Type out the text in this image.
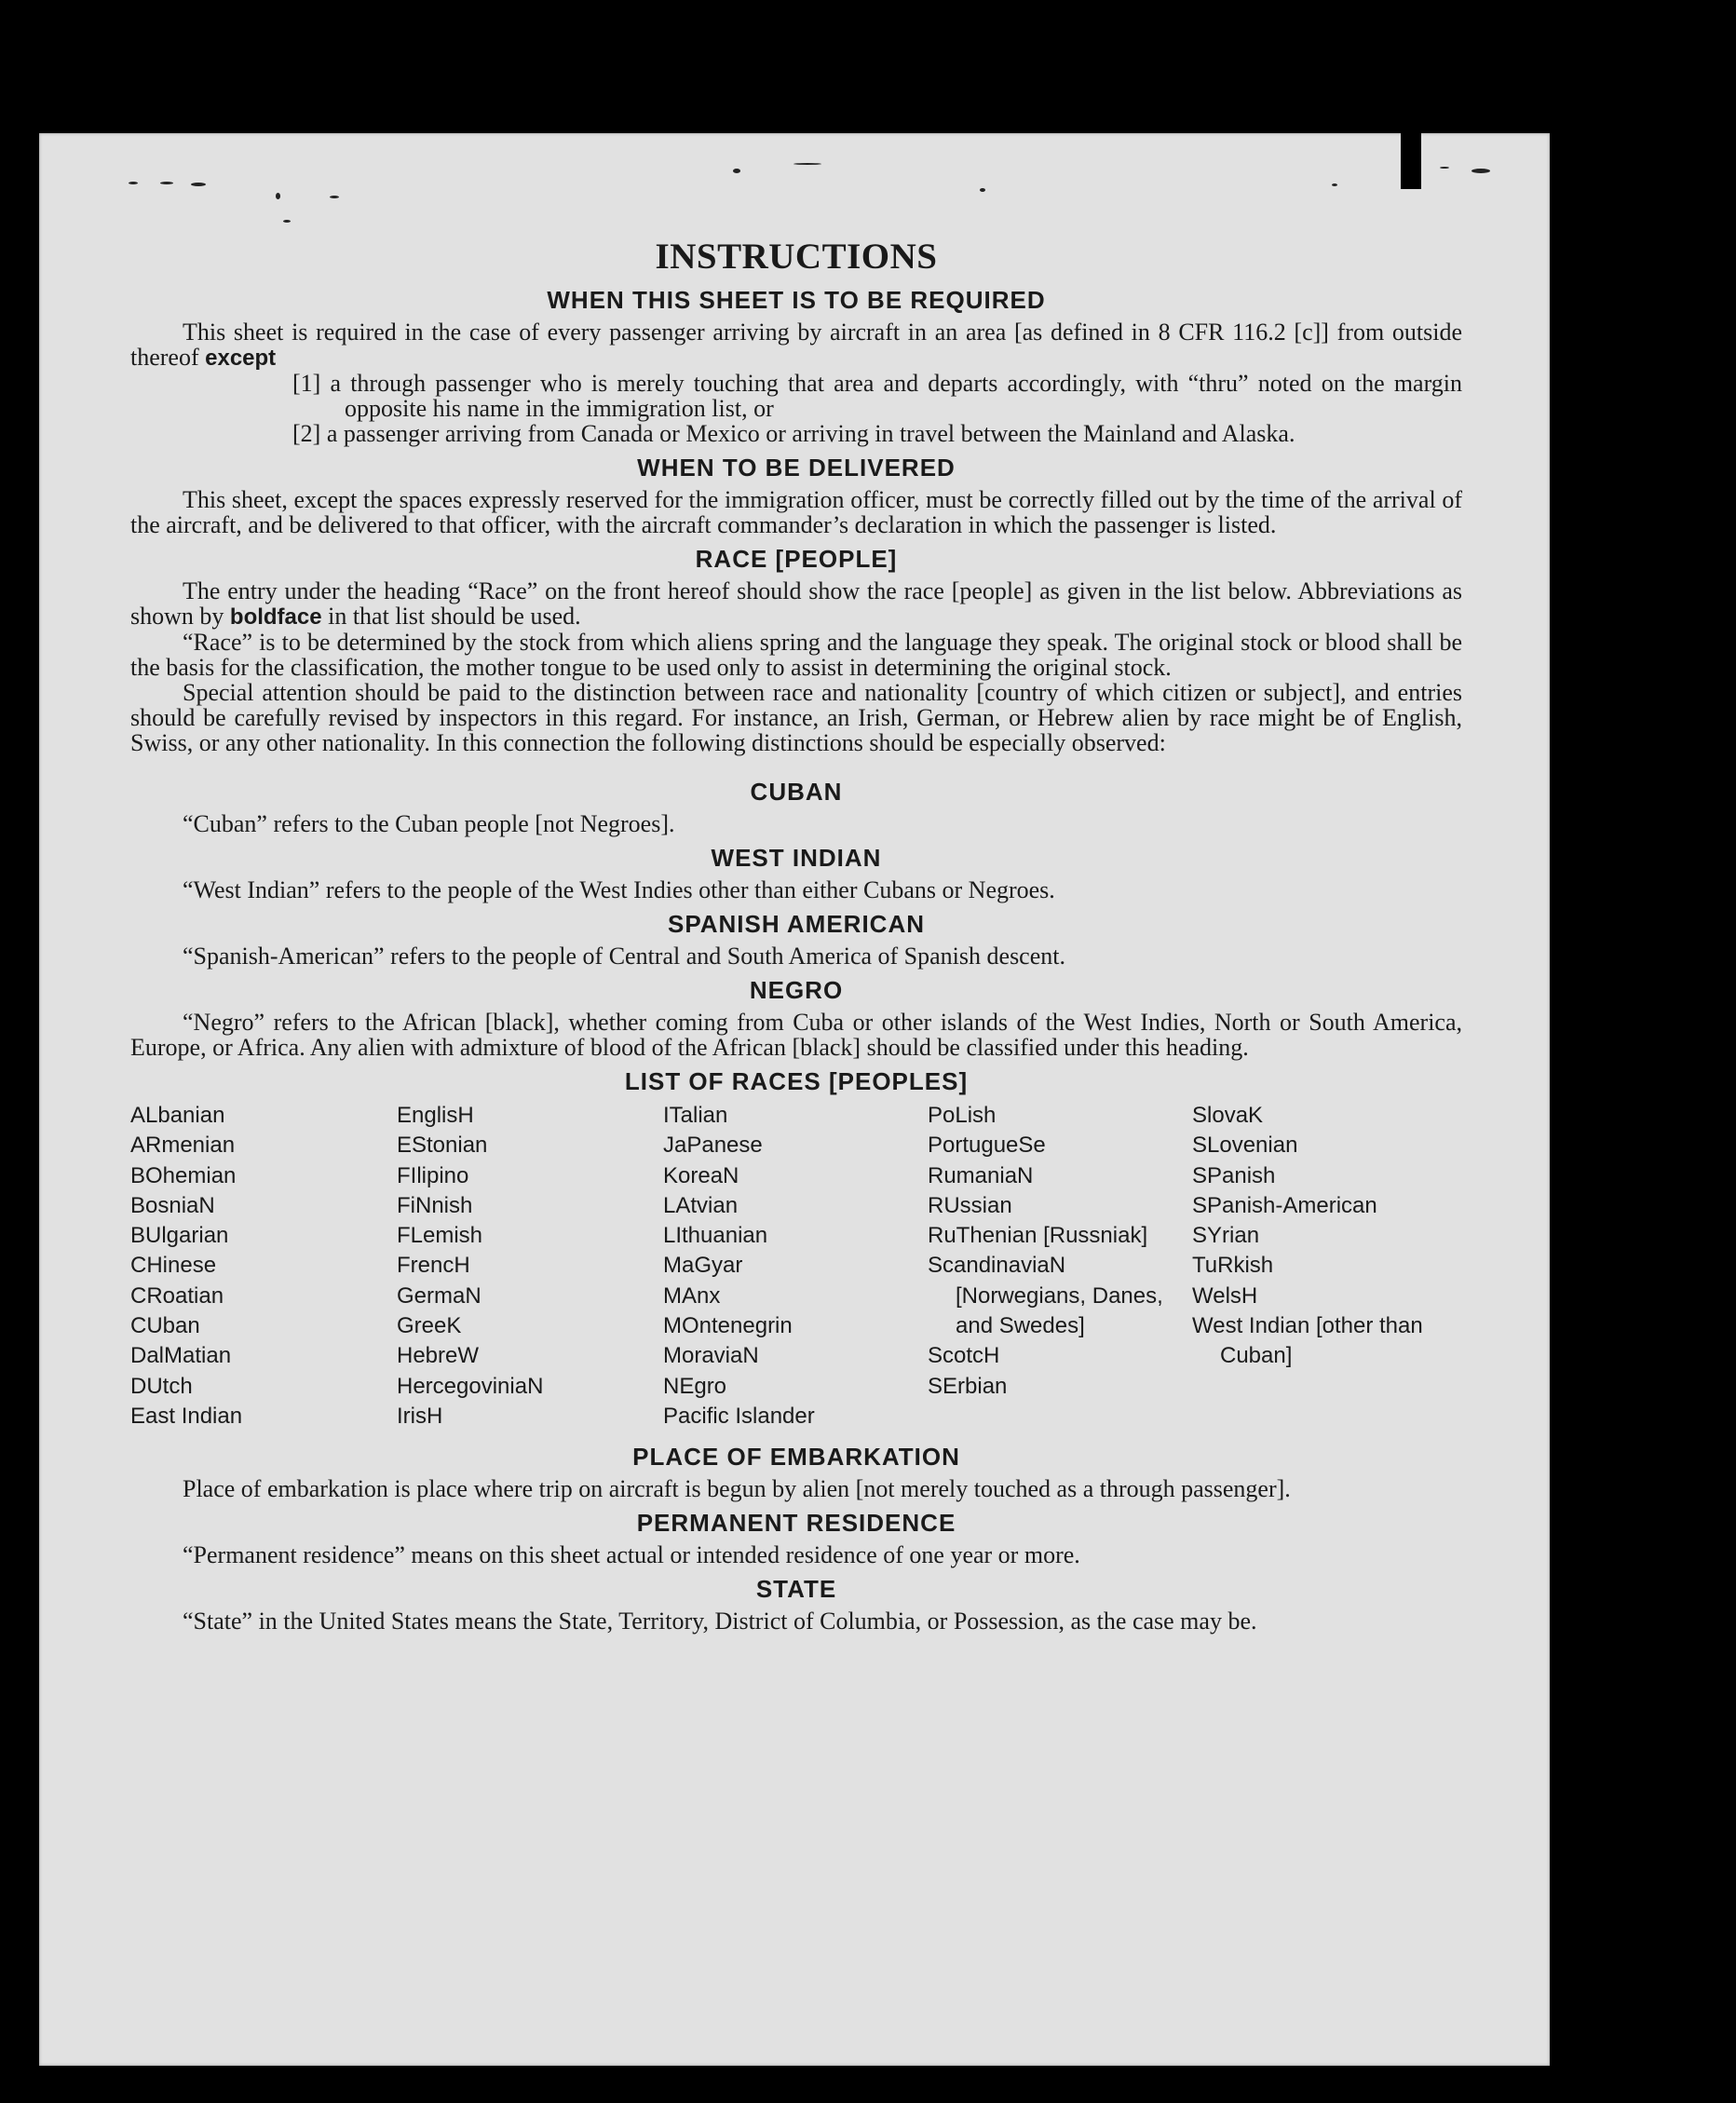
INSTRUCTIONS
WHEN THIS SHEET IS TO BE REQUIRED

This sheet is required in the case of every passenger arriving by aircraft in an area [as defined in 8 CFR 116.2 [c]] from outside thereof except

[1] a through passenger who is merely touching that area and departs accordingly, with “thru” noted on the margin opposite his name in the immigration list, or

[2] a passenger arriving from Canada or Mexico or arriving in travel between the Mainland and Alaska.

WHEN TO BE DELIVERED

This sheet, except the spaces expressly reserved for the immigration officer, must be correctly filled out by the time of the arrival of the aircraft, and be delivered to that officer, with the aircraft commander’s declaration in which the passenger is listed.

RACE [PEOPLE]

The entry under the heading “Race” on the front hereof should show the race [people] as given in the list below. Abbreviations as shown by boldface in that list should be used.

“Race” is to be determined by the stock from which aliens spring and the language they speak. The original stock or blood shall be the basis for the classification, the mother tongue to be used only to assist in determining the original stock.

Special attention should be paid to the distinction between race and nationality [country of which citizen or subject], and entries should be carefully revised by inspectors in this regard. For instance, an Irish, German, or Hebrew alien by race might be of English, Swiss, or any other nationality. In this connection the following distinctions should be especially observed:

CUBAN

“Cuban” refers to the Cuban people [not Negroes].

WEST INDIAN

“West Indian” refers to the people of the West Indies other than either Cubans or Negroes.

SPANISH AMERICAN

“Spanish-American” refers to the people of Central and South America of Spanish descent.

NEGRO

“Negro” refers to the African [black], whether coming from Cuba or other islands of the West Indies, North or South America, Europe, or Africa. Any alien with admixture of blood of the African [black] should be classified under this heading.

LIST OF RACES [PEOPLES]
ALbanian
ARmenian
BOhemian
BosniaN
BUlgarian
CHinese
CRoatian
CUban
DalMatian
DUtch
East Indian
EnglisH
EStonian
FIlipino
FiNnish
FLemish
FrencH
GermaN
GreeK
HebreW
HercegoviniaN
IrisH
ITalian
JaPanese
KoreaN
LAtvian
LIthuanian
MaGyar
MAnx
MOntenegrin
MoraviaN
NEgro
Pacific Islander
PoLish
PortugueSe
RumaniaN
RUssian
RuThenian [Russniak]
ScandinaviaN [Norwegians, Danes, and Swedes]
ScotcH
SErbian
SlovaK
SLovenian
SPanish
SPanish-American
SYrian
TuRkish
WelsH
West Indian [other than Cuban]
PLACE OF EMBARKATION

Place of embarkation is place where trip on aircraft is begun by alien [not merely touched as a through passenger].

PERMANENT RESIDENCE

“Permanent residence” means on this sheet actual or intended residence of one year or more.

STATE

“State” in the United States means the State, Territory, District of Columbia, or Possession, as the case may be.
